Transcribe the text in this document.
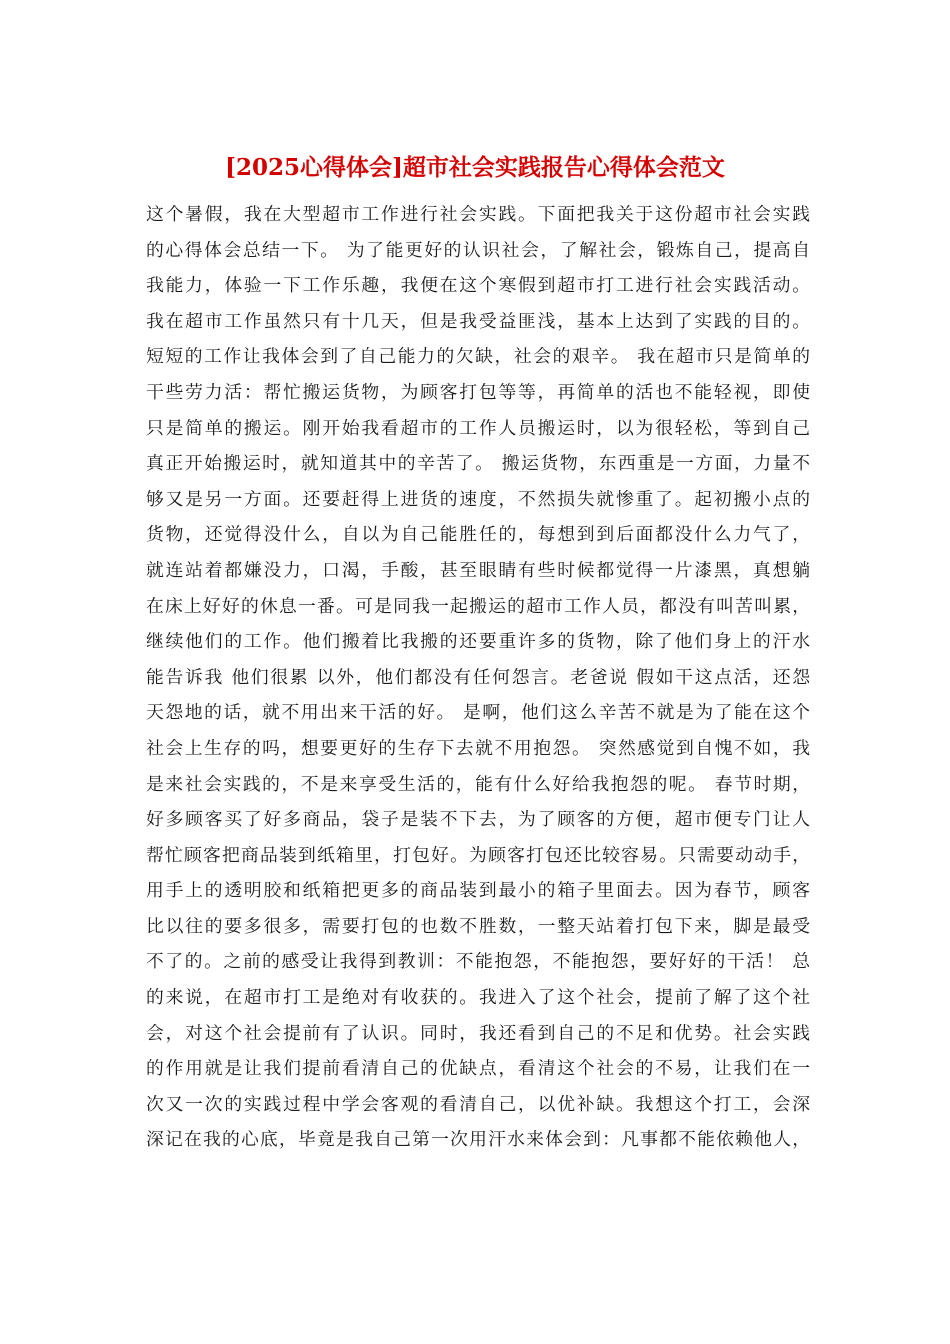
[2025心得体会]超市社会实践报告心得体会范文
这个暑假，我在大型超市工作进行社会实践。下面把我关于这份超市社会实践
的心得体会总结一下。 为了能更好的认识社会，了解社会，锻炼自己，提高自
我能力，体验一下工作乐趣，我便在这个寒假到超市打工进行社会实践活动。
我在超市工作虽然只有十几天，但是我受益匪浅，基本上达到了实践的目的。
短短的工作让我体会到了自己能力的欠缺，社会的艰辛。 我在超市只是简单的
干些劳力活：帮忙搬运货物，为顾客打包等等，再简单的活也不能轻视，即使
只是简单的搬运。刚开始我看超市的工作人员搬运时，以为很轻松，等到自己
真正开始搬运时，就知道其中的辛苦了。 搬运货物，东西重是一方面，力量不
够又是另一方面。还要赶得上进货的速度，不然损失就惨重了。起初搬小点的
货物，还觉得没什么，自以为自己能胜任的，每想到到后面都没什么力气了，
就连站着都嫌没力，口渴，手酸，甚至眼睛有些时候都觉得一片漆黑，真想躺
在床上好好的休息一番。可是同我一起搬运的超市工作人员，都没有叫苦叫累，
继续他们的工作。他们搬着比我搬的还要重许多的货物，除了他们身上的汗水
能告诉我 他们很累 以外，他们都没有任何怨言。老爸说 假如干这点活，还怨
天怨地的话，就不用出来干活的好。 是啊，他们这么辛苦不就是为了能在这个
社会上生存的吗，想要更好的生存下去就不用抱怨。 突然感觉到自愧不如，我
是来社会实践的，不是来享受生活的，能有什么好给我抱怨的呢。 春节时期，
好多顾客买了好多商品，袋子是装不下去，为了顾客的方便，超市便专门让人
帮忙顾客把商品装到纸箱里，打包好。为顾客打包还比较容易。只需要动动手，
用手上的透明胶和纸箱把更多的商品装到最小的箱子里面去。因为春节，顾客
比以往的要多很多，需要打包的也数不胜数，一整天站着打包下来，脚是最受
不了的。之前的感受让我得到教训：不能抱怨，不能抱怨，要好好的干活！ 总
的来说，在超市打工是绝对有收获的。我进入了这个社会，提前了解了这个社
会，对这个社会提前有了认识。同时，我还看到自己的不足和优势。社会实践
的作用就是让我们提前看清自己的优缺点，看清这个社会的不易，让我们在一
次又一次的实践过程中学会客观的看清自己，以优补缺。我想这个打工，会深
深记在我的心底，毕竟是我自己第一次用汗水来体会到：凡事都不能依赖他人，
